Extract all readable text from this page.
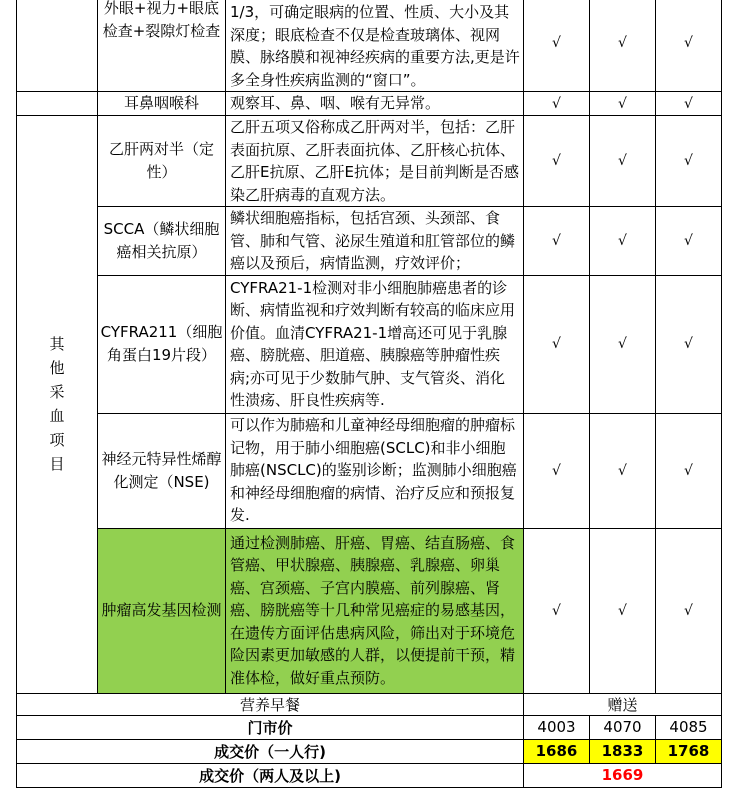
	外眼+视力+眼底检查+裂隙灯检查	1/3，可确定眼病的位置、性质、大小及其深度；眼底检查不仅是检查玻璃体、视网膜、脉络膜和视神经疾病的重要方法,更是许多全身性疾病监测的“窗口”。	√	√	√
	耳鼻咽喉科	观察耳、鼻、咽、喉有无异常。	√	√	√

其他采血项目	乙肝两对半（定性）	乙肝五项又俗称成乙肝两对半，包括：乙肝表面抗原、乙肝表面抗体、乙肝核心抗体、乙肝E抗原、乙肝E抗体；是目前判断是否感染乙肝病毒的直观方法。	√	√	√
	SCCA（鳞状细胞癌相关抗原）	鳞状细胞癌指标，包括宫颈、头颈部、食管、肺和气管、泌尿生殖道和肛管部位的鳞癌以及预后，病情监测，疗效评价；	√	√	√
	CYFRA211（细胞角蛋白19片段）	CYFRA21-1检测对非小细胞肺癌患者的诊断、病情监视和疗效判断有较高的临床应用价值。血清CYFRA21-1增高还可见于乳腺癌、膀胱癌、胆道癌、胰腺癌等肿瘤性疾病;亦可见于少数肺气肿、支气管炎、消化性溃疡、肝良性疾病等.	√	√	√
	神经元特异性烯醇化测定（NSE)	可以作为肺癌和儿童神经母细胞瘤的肿瘤标记物，用于肺小细胞癌(SCLC)和非小细胞肺癌(NSCLC)的鉴别诊断；监测肺小细胞癌和神经母细胞瘤的病情、治疗反应和预报复发.	√	√	√
	肿瘤高发基因检测	通过检测肺癌、肝癌、胃癌、结直肠癌、食管癌、甲状腺癌、胰腺癌、乳腺癌、卵巢癌、宫颈癌、子宫内膜癌、前列腺癌、肾癌、膀胱癌等十几种常见癌症的易感基因，在遗传方面评估患病风险，筛出对于环境危险因素更加敏感的人群，以便提前干预，精准体检，做好重点预防。	√	√	√
营养早餐			赠送		
门市价			4003	4070	4085
成交价（一人行)			1686	1833	1768
成交价（两人及以上)			1669		
